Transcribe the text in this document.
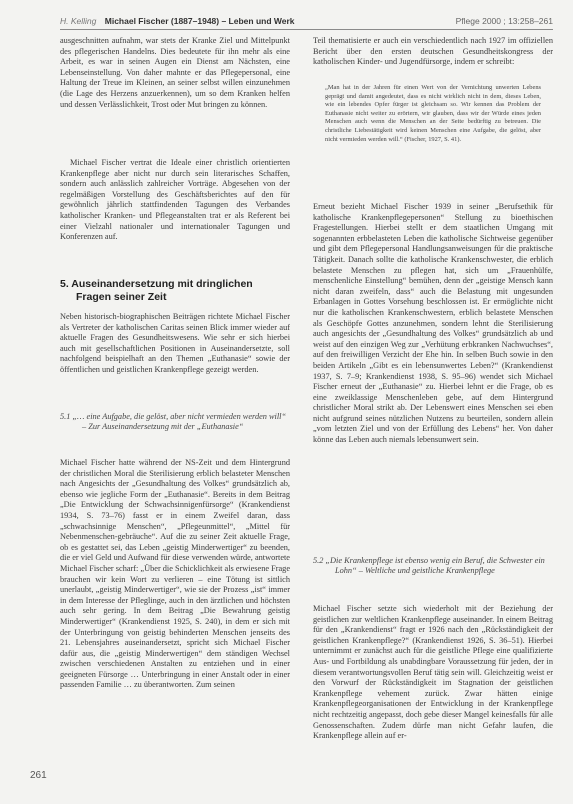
H. Kelling Michael Fischer (1887–1948) – Leben und Werk	Pflege 2000 ; 13:258–261

ausgeschnitten aufnahm, war stets der Kranke Ziel und Mittelpunkt des pflegerischen Handelns. Dies bedeutete für ihn mehr als eine Arbeit, es war in seinen Augen ein Dienst am Nächsten, eine Lebenseinstellung. Von daher mahnte er das Pflegepersonal, eine Haltung der Treue im Kleinen, an seiner selbst willen einzunehmen (die Lage des Herzens anzuerkennen), um so dem Kranken helfen und dessen Verlässlichkeit, Trost oder Mut bringen zu können.

Michael Fischer vertrat die Ideale einer christlich orientierten Krankenpflege aber nicht nur durch sein literarisches Schaffen, sondern auch anlässlich zahlreicher Vorträge. Abgesehen von der regelmäßigen Vorstellung des Geschäftsberichtes auf den für gewöhnlich jährlich stattfindenden Tagungen des Verbandes katholischer Kranken- und Pflegeanstalten trat er als Referent bei einer Vielzahl nationaler und internationaler Tagungen und Konferenzen auf.

5. Auseinandersetzung mit dringlichen Fragen seiner Zeit

Neben historisch-biographischen Beiträgen richtete Michael Fischer als Vertreter der katholischen Caritas seinen Blick immer wieder auf aktuelle Fragen des Gesundheitswesens. Wie sehr er sich hierbei auch mit gesellschaftlichen Positionen in Auseinandersetzte, soll nachfolgend beispielhaft an den Themen „Euthanasie“ sowie der öffentlichen und geistlichen Krankenpflege gezeigt werden.

5.1 „… eine Aufgabe, die gelöst, aber nicht vermieden werden will“ – Zur Auseinandersetzung mit der „Euthanasie“

Michael Fischer hatte während der NS-Zeit und dem Hintergrund der christlichen Moral die Sterilisierung erblich belasteter Menschen nach Angesichts der „Gesundhaltung des Volkes“ grundsätzlich ab, ebenso wie jegliche Form der „Euthanasie“. Bereits in dem Beitrag „Die Entwicklung der Schwachsinnigenfürsorge“ (Krankendienst 1934, S. 73–76) fasst er in einem Zweifel daran, dass „schwachsinnige Menschen“, „Pflegeunmittel“, „Mittel für Nebenmenschen-gebräuche“. Auf die zu seiner Zeit aktuelle Frage, ob es gestattet sei, das Leben „geistig Minderwertiger“ zu beenden, die er viel Geld und Aufwand für diese verwenden würde, antwortete Michael Fischer scharf: „Über die Schicklichkeit als erwiesene Frage brauchen wir kein Wort zu verlieren – eine Tötung ist sittlich unerlaubt, „geistig Minderwertiger“, wie sie der Prozess „ist“ immer in dem Interesse der Pfleglinge, auch in den ärztlichen und höchsten auch sehr gering. In dem Beitrag „Die Bewahrung geistig Minderwertiger“ (Krankendienst 1925, S. 240), in dem er sich mit der Unterbringung von geistig behinderten Menschen jenseits des 21. Lebensjahres auseinandersetzt, spricht sich Michael Fischer dafür aus, die „geistig Minderwertigen“ dem ständigen Wechsel zwischen verschiedenen Anstalten zu entziehen und in einer geeigneten Fürsorge … Unterbringung in einer Anstalt oder in einer passenden Familie … zu überantworten. Zum seinen

Teil thematisierte er auch ein verschiedentlich nach 1927 im offiziellen Bericht über den ersten deutschen Gesundheitskongress der katholischen Kinder- und Jugendfürsorge, indem er schreibt:

„Man hat in der Jahren für einen Wert von der Vernichtung unwerten Lebens geprägt und damit angedeutet, dass es nicht wirklich nicht in dem, dieses Leben, wie ein lebendes Opfer fürger ist gleichsam so. Wir kennen das Problem der Euthanasie nicht weiter zu erörtern, wir glauben, dass wir der Würde eines jeden Menschen auch wenn die Menschen an der Seite bedürftig zu betreuen. Die christliche Liebestätigkeit wird keinen Menschen eine Aufgabe, die gelöst, aber nicht vermieden werden will.“ (Fischer, 1927, S. 41).

Erneut bezieht Michael Fischer 1939 in seiner „Berufsethik für katholische Krankenpflegepersonen“ Stellung zu bioethischen Fragestellungen. Hierbei stellt er dem staatlichen Umgang mit sogenannten erbbelasteten Leben die katholische Sichtweise gegenüber und gibt dem Pflegepersonal Handlungsanweisungen für die praktische Tätigkeit. Danach sollte die katholische Krankenschwester, die erblich belastete Menschen zu pflegen hat, sich um „Frauenhülfe, menschenliche Einstellung“ bemühen, denn der „geistige Mensch kann nicht daran zweifeln, dass“ auch die Belastung mit ungesunden Erbanlagen in Gottes Vorsehung beschlossen ist. Er ermöglichte nicht nur die katholischen Krankenschwestern, erblich belastete Menschen als Geschöpfe Gottes anzunehmen, sondern lehnt die Sterilisierung auch angesichts der „Gesundhaltung des Volkes“ grundsätzlich ab und weist auf den einzigen Weg zur „Verhütung erbkranken Nachwuchses“, auf den freiwilligen Verzicht der Ehe hin. In selben Buch sowie in den beiden Artikeln „Gibt es ein lebensunwertes Leben?“ (Krankendienst 1937, S. 7–9; Krankendienst 1938, S. 95–96) wendet sich Michael Fischer erneut der „Euthanasie“ zu. Hierbei lehnt er die Frage, ob es eine zweiklassige Menschenleben gebe, auf dem Hintergrund christlicher Moral strikt ab. Der Lebenswert eines Menschen sei eben nicht aufgrund seines nützlichen Nutzens zu beurteilen, sondern allein „vom letzten Ziel und von der Erfüllung des Lebens“ her. Von daher könne das Leben auch niemals lebensunwert sein.

5.2 „Die Krankenpflege ist ebenso wenig ein Beruf, die Schwester ein Lohn“ – Weltliche und geistliche Krankenpflege

Michael Fischer setzte sich wiederholt mit der Beziehung der geistlichen zur weltlichen Krankenpflege auseinander. In einem Beitrag für den „Krankendienst“ fragt er 1926 nach den „Rückständigkeit der geistlichen Krankenpflege?“ (Krankendienst 1926, S. 36–51). Hierbei unternimmt er zunächst auch für die geistliche Pflege eine qualifizierte Aus- und Fortbildung als unabdingbare Voraussetzung für jeden, der in diesem verantwortungsvollen Beruf tätig sein will. Gleichzeitig weist er den Vorwurf der Rückständigkeit im Stagnation der geistlichen Krankenpflege vehement zurück. Zwar hätten einige Krankenpflegeorganisationen der Entwicklung in der Krankenpflege nicht rechtzeitig angepasst, doch gebe dieser Mangel keinesfalls für alle Genossenschaften. Zudem dürfe man nicht Gefahr laufen, die Krankenpflege allein auf er-

261
